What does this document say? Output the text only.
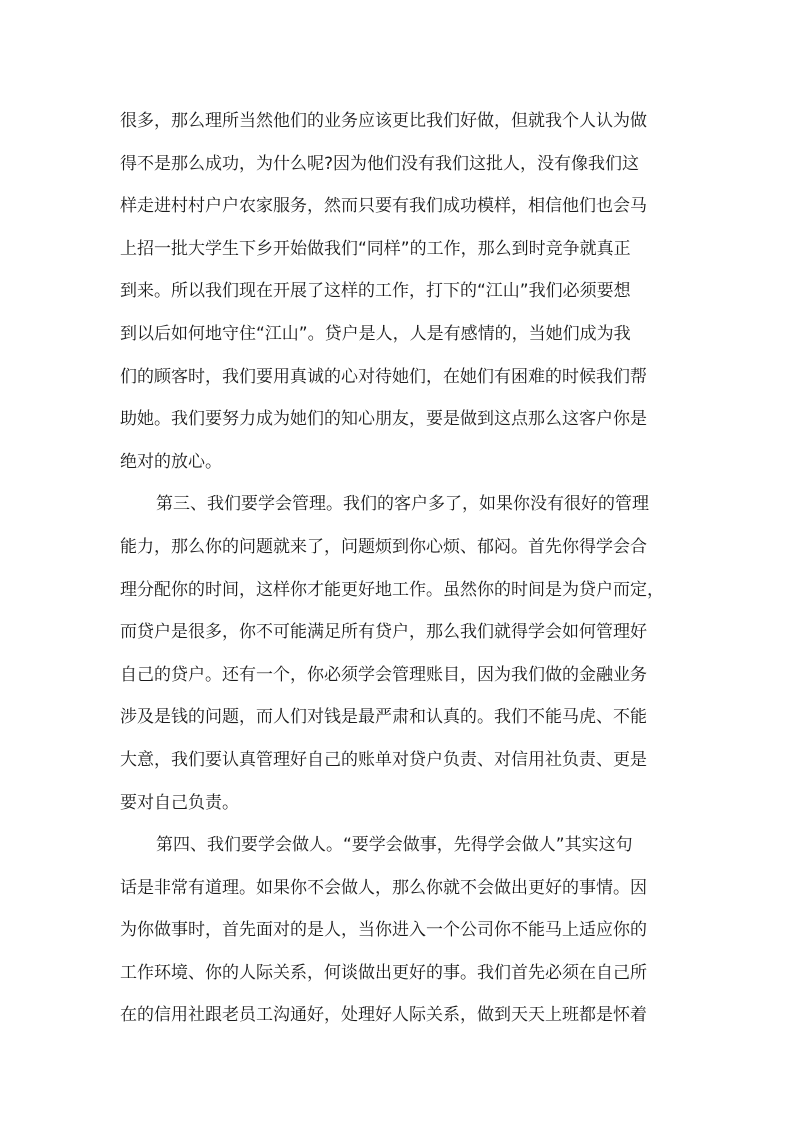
很多，那么理所当然他们的业务应该更比我们好做，但就我个人认为做
得不是那么成功，为什么呢?因为他们没有我们这批人，没有像我们这
样走进村村户户农家服务，然而只要有我们成功模样，相信他们也会马
上招一批大学生下乡开始做我们“同样”的工作，那么到时竞争就真正
到来。所以我们现在开展了这样的工作，打下的“江山”我们必须要想
到以后如何地守住“江山”。贷户是人，人是有感情的，当她们成为我
们的顾客时，我们要用真诚的心对待她们，在她们有困难的时候我们帮
助她。我们要努力成为她们的知心朋友，要是做到这点那么这客户你是
绝对的放心。
第三、我们要学会管理。我们的客户多了，如果你没有很好的管理
能力，那么你的问题就来了，问题烦到你心烦、郁闷。首先你得学会合
理分配你的时间，这样你才能更好地工作。虽然你的时间是为贷户而定，
而贷户是很多，你不可能满足所有贷户，那么我们就得学会如何管理好
自己的贷户。还有一个，你必须学会管理账目，因为我们做的金融业务
涉及是钱的问题，而人们对钱是最严肃和认真的。我们不能马虎、不能
大意，我们要认真管理好自己的账单对贷户负责、对信用社负责、更是
要对自己负责。
第四、我们要学会做人。“要学会做事，先得学会做人”其实这句
话是非常有道理。如果你不会做人，那么你就不会做出更好的事情。因
为你做事时，首先面对的是人，当你进入一个公司你不能马上适应你的
工作环境、你的人际关系，何谈做出更好的事。我们首先必须在自己所
在的信用社跟老员工沟通好，处理好人际关系，做到天天上班都是怀着
